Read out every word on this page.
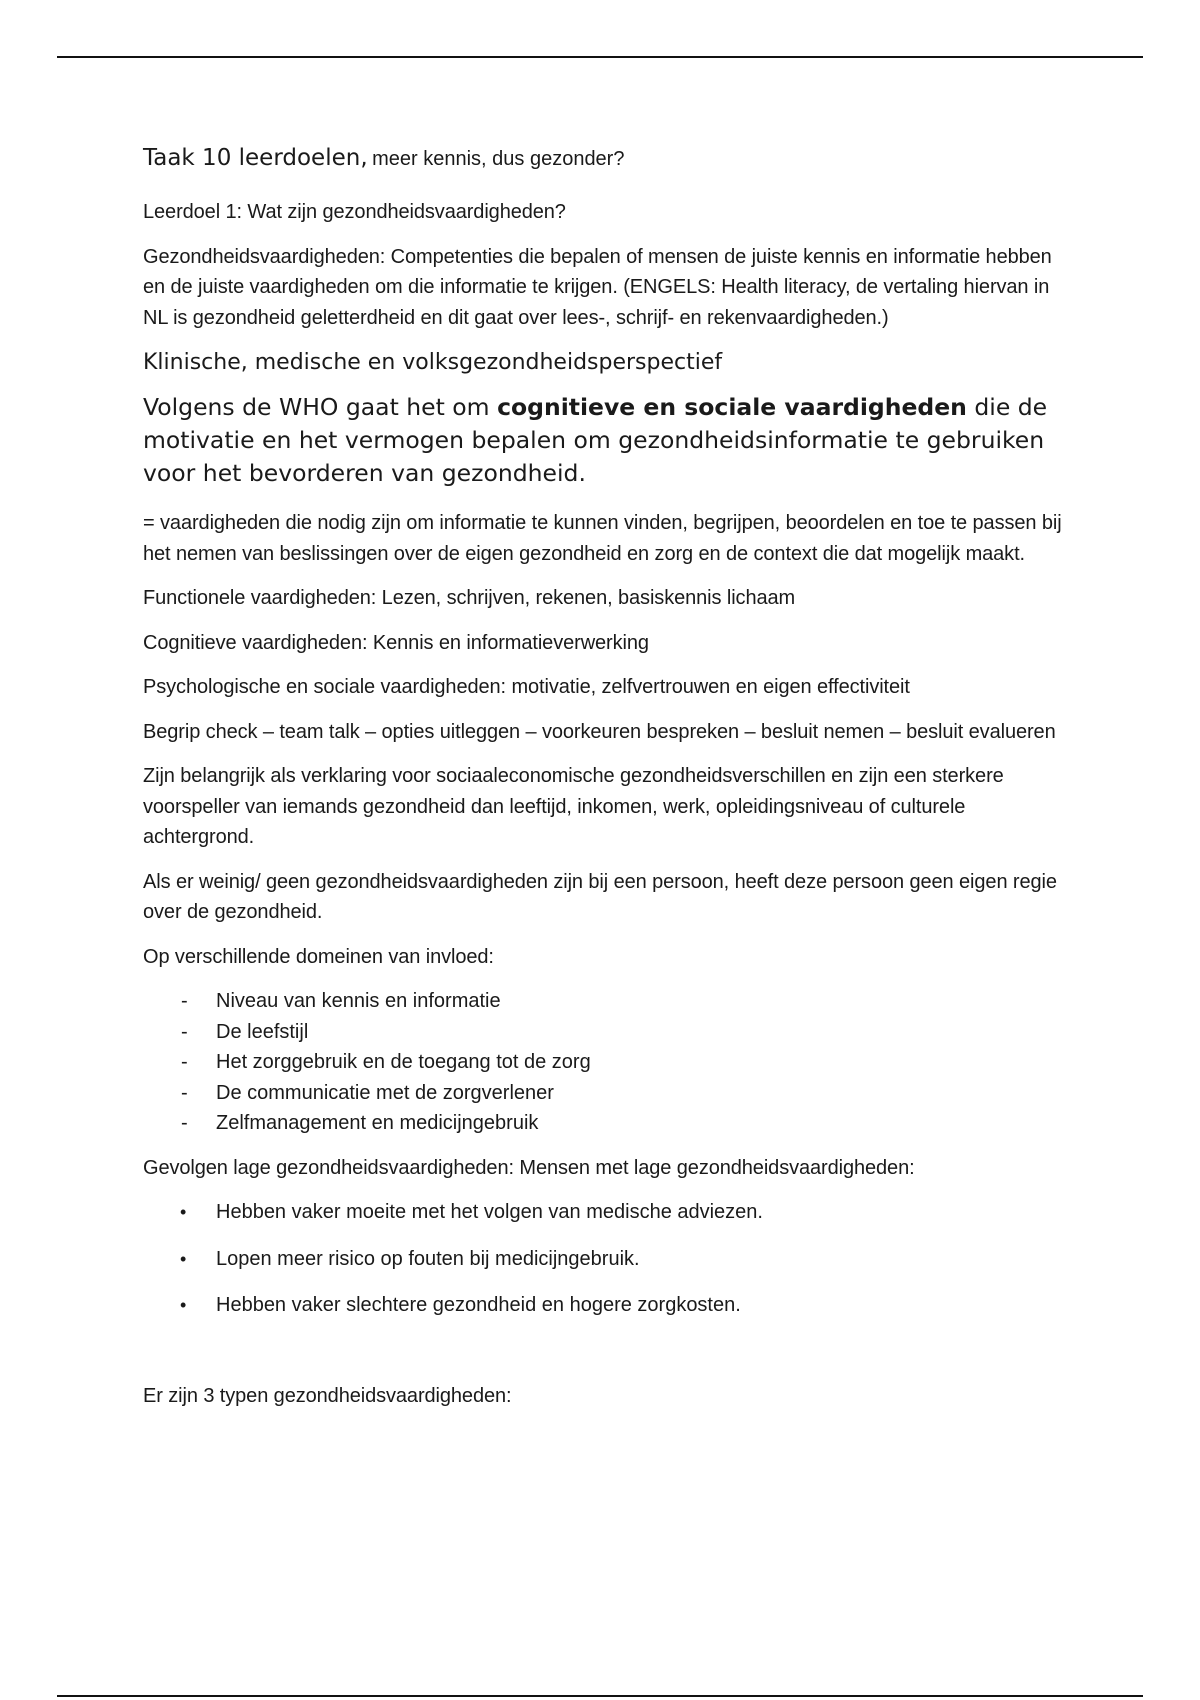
Taak 10 leerdoelen, meer kennis, dus gezonder?

Leerdoel 1: Wat zijn gezondheidsvaardigheden?

Gezondheidsvaardigheden: Competenties die bepalen of mensen de juiste kennis en informatie hebben en de juiste vaardigheden om die informatie te krijgen. (ENGELS: Health literacy, de vertaling hiervan in NL is gezondheid geletterdheid en dit gaat over lees-, schrijf- en rekenvaardigheden.)

Klinische, medische en volksgezondheidsperspectief

Volgens de WHO gaat het om cognitieve en sociale vaardigheden die de motivatie en het vermogen bepalen om gezondheidsinformatie te gebruiken voor het bevorderen van gezondheid.

= vaardigheden die nodig zijn om informatie te kunnen vinden, begrijpen, beoordelen en toe te passen bij het nemen van beslissingen over de eigen gezondheid en zorg en de context die dat mogelijk maakt.

Functionele vaardigheden: Lezen, schrijven, rekenen, basiskennis lichaam

Cognitieve vaardigheden: Kennis en informatieverwerking

Psychologische en sociale vaardigheden: motivatie, zelfvertrouwen en eigen effectiviteit

Begrip check – team talk – opties uitleggen – voorkeuren bespreken – besluit nemen – besluit evalueren

Zijn belangrijk als verklaring voor sociaaleconomische gezondheidsverschillen en zijn een sterkere voorspeller van iemands gezondheid dan leeftijd, inkomen, werk, opleidingsniveau of culturele achtergrond.

Als er weinig/ geen gezondheidsvaardigheden zijn bij een persoon, heeft deze persoon geen eigen regie over de gezondheid.

Op verschillende domeinen van invloed:

- Niveau van kennis en informatie
- De leefstijl
- Het zorggebruik en de toegang tot de zorg
- De communicatie met de zorgverlener
- Zelfmanagement en medicijngebruik

Gevolgen lage gezondheidsvaardigheden: Mensen met lage gezondheidsvaardigheden:

• Hebben vaker moeite met het volgen van medische adviezen.
• Lopen meer risico op fouten bij medicijngebruik.
• Hebben vaker slechtere gezondheid en hogere zorgkosten.

Er zijn 3 typen gezondheidsvaardigheden:
